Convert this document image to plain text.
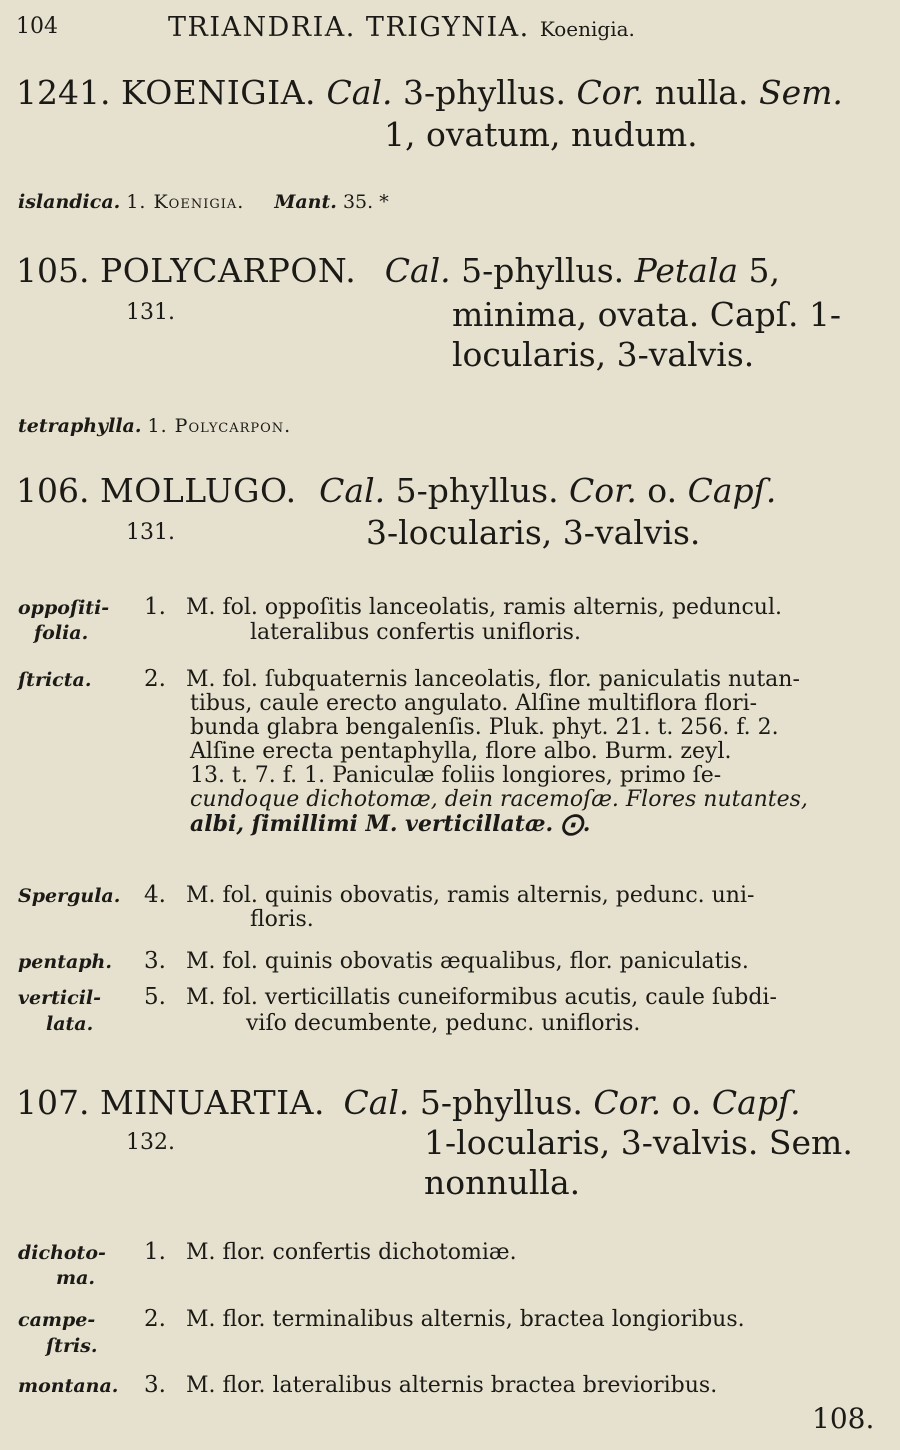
104	TRIANDRIA. TRIGYNIA. Koenigia.
1241. KOENIGIA. Cal. 3-phyllus. Cor. nulla. Sem.
1, ovatum, nudum.
islandica. 1. Koenigia. Mant. 35. *
105. POLYCARPON. Cal. 5-phyllus. Petala 5,
131.	minima, ovata. Capſ. 1-
locularis, 3-valvis.
tetraphylla. 1. Polycarpon.
106. MOLLUGO. Cal. 5-phyllus. Cor. o. Capſ.
131.	3-locularis, 3-valvis.
oppoſiti-
folia.
1. M. fol. oppoſitis lanceolatis, ramis alternis, peduncul.
lateralibus confertis unifloris.
ſtricta. 2. M. fol. ſubquaternis lanceolatis, flor. paniculatis nutan-
tibus, caule erecto angulato. Alſine multiflora flori-
bunda glabra bengalenſis. Pluk. phyt. 21. t. 256. f. 2.
Alſine erecta pentaphylla, flore albo. Burm. zeyl.
13. t. 7. f. 1. Paniculæ foliis longiores, primo ſe-
cundoque dichotomæ, dein racemoſæ. Flores nutantes,
albi, ſimillimi M. verticillatæ. ⨀.
Spergula. 4. M. fol. quinis obovatis, ramis alternis, pedunc. uni-
floris.
pentaph. 3. M. fol. quinis obovatis æqualibus, flor. paniculatis.
verticil-
lata.
5. M. fol. verticillatis cuneiformibus acutis, caule ſubdi-
viſo decumbente, pedunc. unifloris.
107. MINUARTIA. Cal. 5-phyllus. Cor. o. Capſ.
132.	1-locularis, 3-valvis. Sem.
nonnulla.
dichoto-
ma.
1. M. flor. confertis dichotomiæ.
campe-
ſtris.
2. M. flor. terminalibus alternis, bractea longioribus.
montana. 3. M. flor. lateralibus alternis bractea brevioribus.
108.
